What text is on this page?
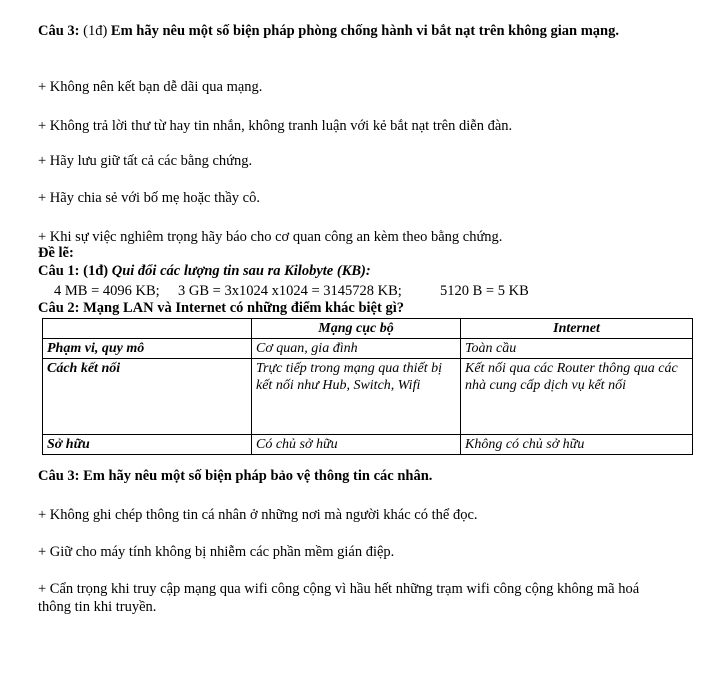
Câu 3: (1đ) Em hãy nêu một số biện pháp phòng chống hành vi bắt nạt trên không gian mạng.
+ Không nên kết bạn dễ dãi qua mạng.
+ Không trả lời thư từ hay tin nhắn, không tranh luận với kẻ bắt nạt trên diễn đàn.
+ Hãy lưu giữ tất cả các bằng chứng.
+ Hãy chia sẻ với bố mẹ hoặc thầy cô.
+ Khi sự việc nghiêm trọng hãy báo cho cơ quan công an kèm theo bằng chứng.
Đề lẽ:
Câu 1: (1đ) Qui đổi các lượng tin sau ra Kilobyte (KB):
4 MB = 4096 KB; 3 GB = 3x1024 x1024 = 3145728 KB;	5120 B = 5 KB
Câu 2: Mạng LAN và Internet có những điểm khác biệt gì?
	Mạng cục bộ	Internet
Phạm vi, quy mô	Cơ quan, gia đình	Toàn cầu
Cách kết nối	Trực tiếp trong mạng qua thiết bị kết nối như Hub, Switch, Wifi	Kết nối qua các Router thông qua các nhà cung cấp dịch vụ kết nối
Sở hữu	Có chủ sở hữu	Không có chủ sở hữu
Câu 3: Em hãy nêu một số biện pháp bảo vệ thông tin các nhân.
+ Không ghi chép thông tin cá nhân ở những nơi mà người khác có thể đọc.
+ Giữ cho máy tính không bị nhiễm các phần mềm gián điệp.
+ Cẩn trọng khi truy cập mạng qua wifi công cộng vì hầu hết những trạm wifi công cộng không mã hoá thông tin khi truyền.
